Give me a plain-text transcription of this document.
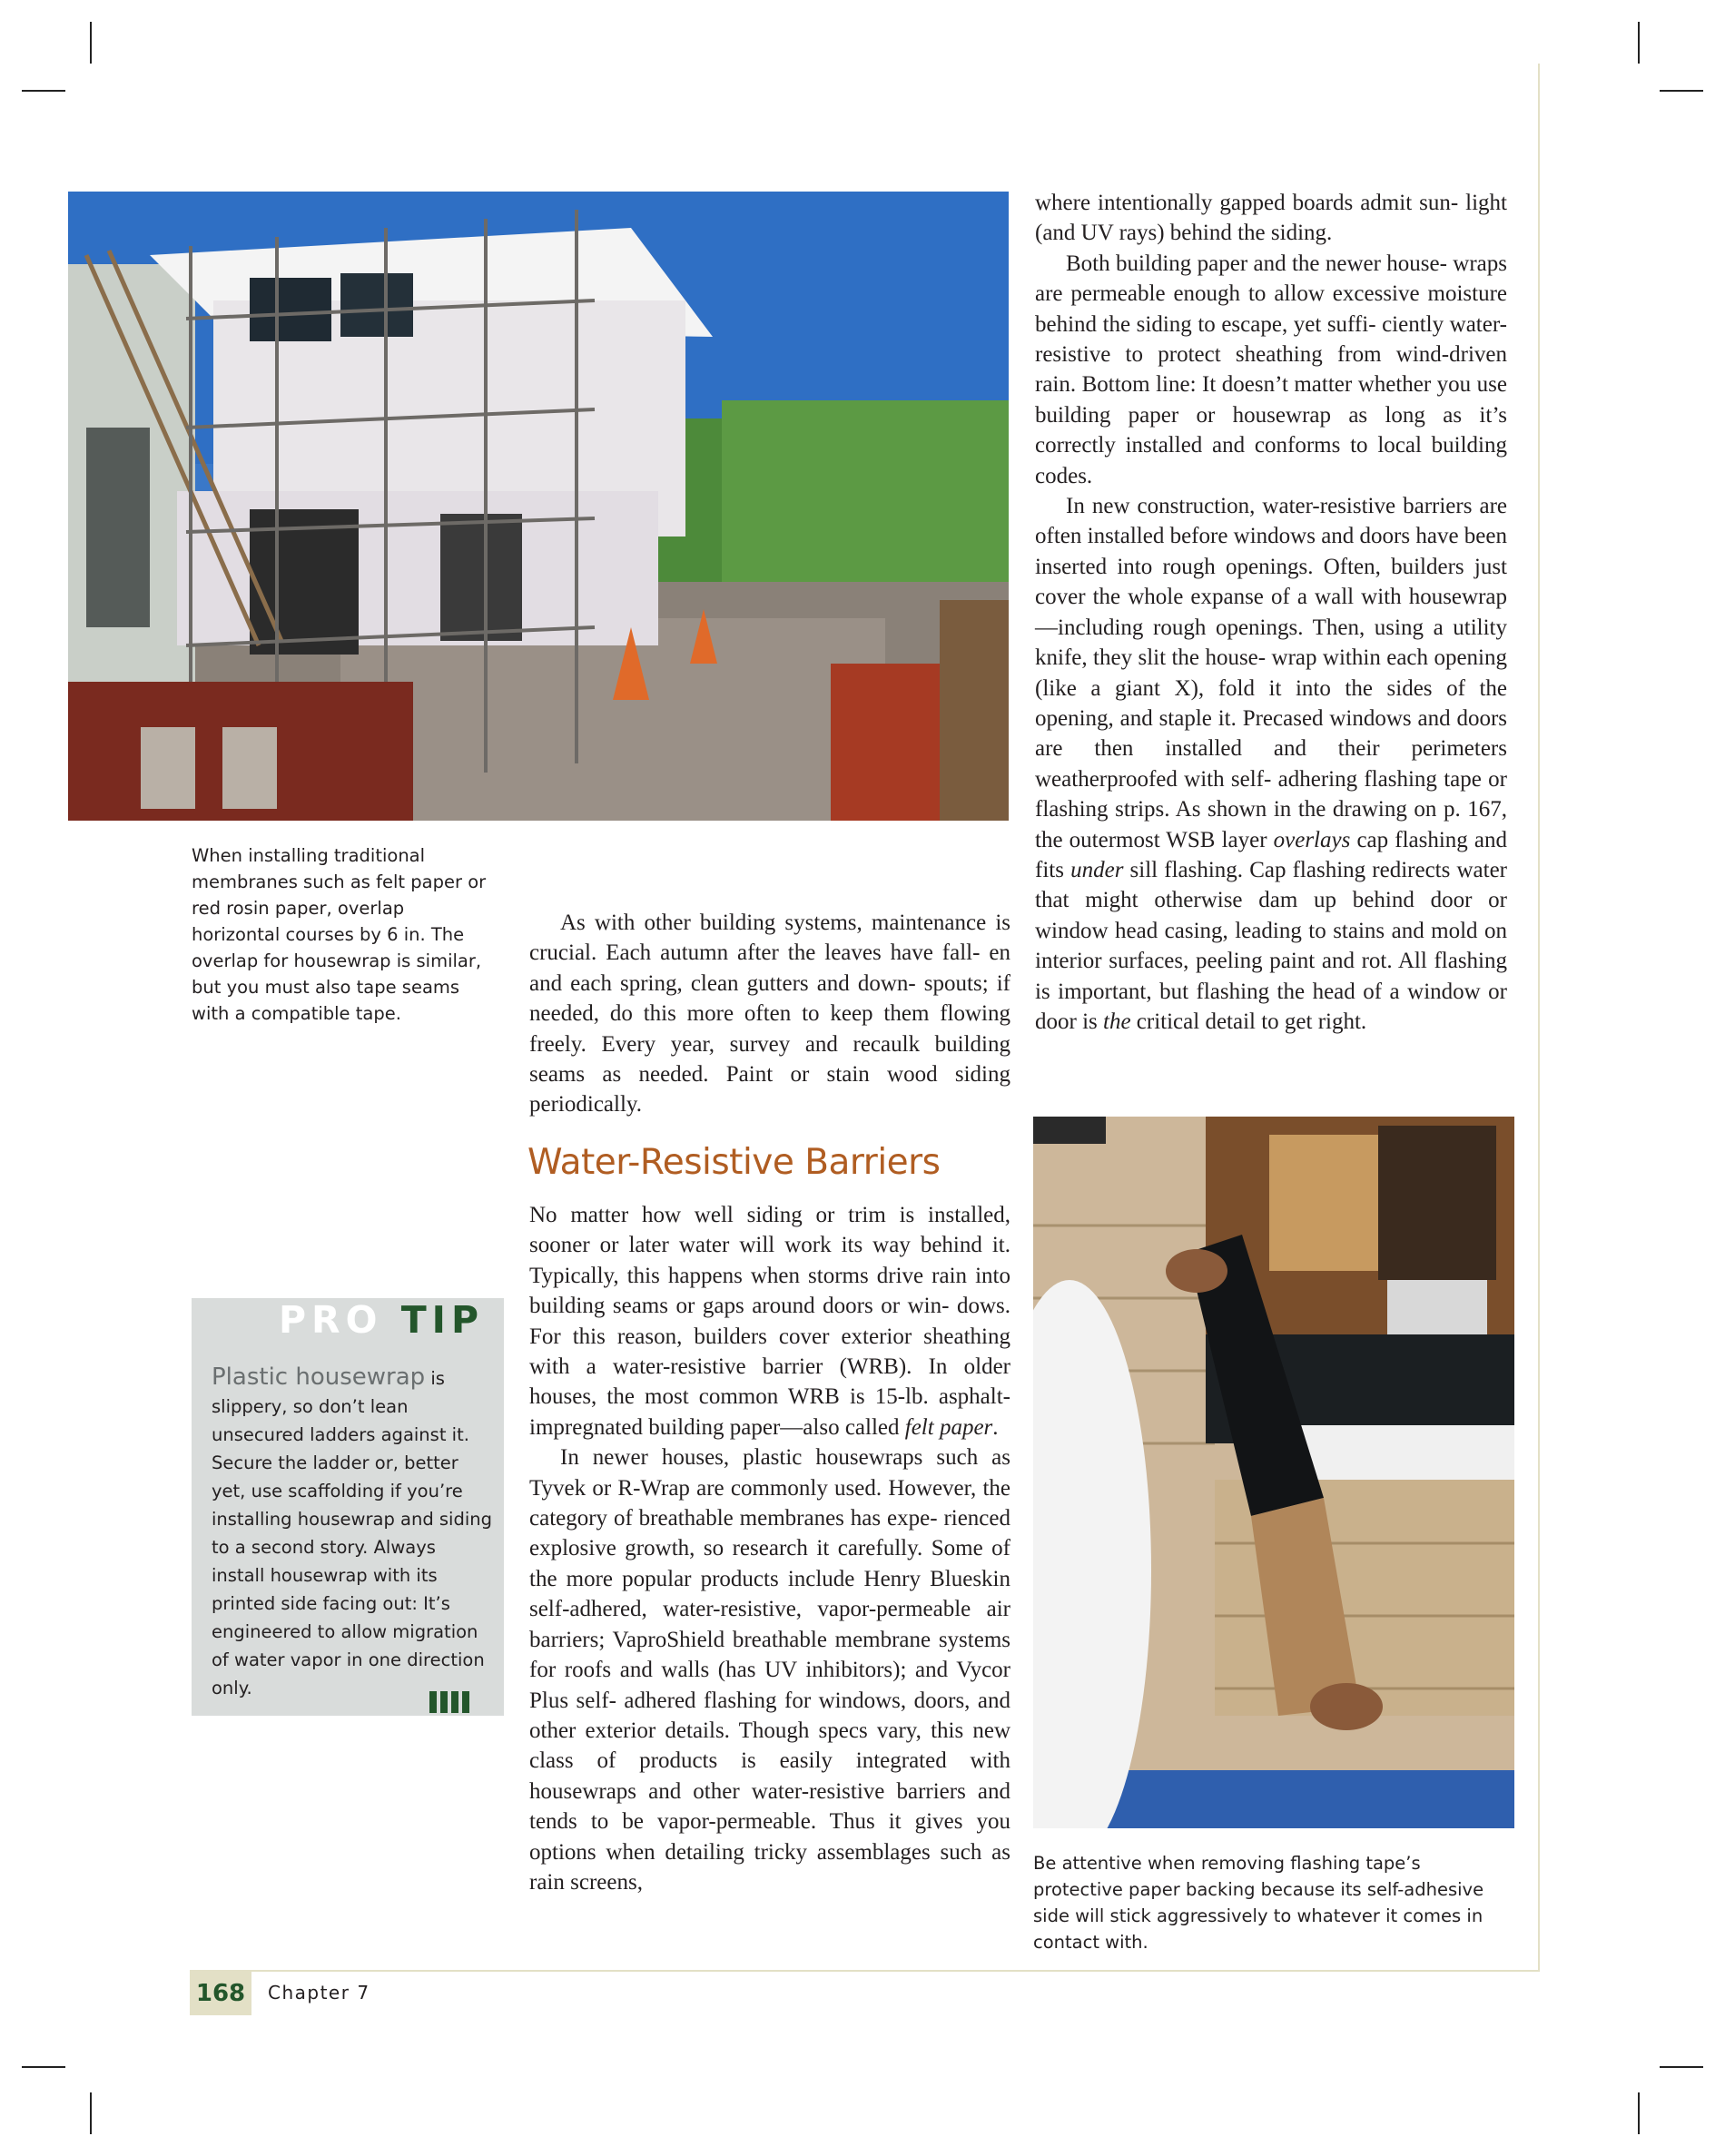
When installing traditional membranes such as felt paper or red rosin paper, overlap horizontal courses by 6 in. The overlap for housewrap is similar, but you must also tape seams with a compatible tape.

As with other building systems, maintenance is crucial. Each autumn after the leaves have fall- en and each spring, clean gutters and down- spouts; if needed, do this more often to keep them flowing freely. Every year, survey and recaulk building seams as needed. Paint or stain wood siding periodically.

Water-Resistive Barriers

No matter how well siding or trim is installed, sooner or later water will work its way behind it. Typically, this happens when storms drive rain into building seams or gaps around doors or win- dows. For this reason, builders cover exterior sheathing with a water-resistive barrier (WRB). In older houses, the most common WRB is 15-lb. asphalt-impregnated building paper—also called felt paper.

In newer houses, plastic housewraps such as Tyvek or R-Wrap are commonly used. However, the category of breathable membranes has expe- rienced explosive growth, so research it carefully. Some of the more popular products include Henry Blueskin self-adhered, water-resistive, vapor-permeable air barriers; VaproShield breathable membrane systems for roofs and walls (has UV inhibitors); and Vycor Plus self- adhered flashing for windows, doors, and other exterior details. Though specs vary, this new class of products is easily integrated with housewraps and other water-resistive barriers and tends to be vapor-permeable. Thus it gives you options when detailing tricky assemblages such as rain screens,

where intentionally gapped boards admit sun- light (and UV rays) behind the siding.

Both building paper and the newer house- wraps are permeable enough to allow excessive moisture behind the siding to escape, yet suffi- ciently water-resistive to protect sheathing from wind-driven rain. Bottom line: It doesn’t matter whether you use building paper or housewrap as long as it’s correctly installed and conforms to local building codes.

In new construction, water-resistive barriers are often installed before windows and doors have been inserted into rough openings. Often, builders just cover the whole expanse of a wall with housewrap—including rough openings. Then, using a utility knife, they slit the house- wrap within each opening (like a giant X), fold it into the sides of the opening, and staple it. Precased windows and doors are then installed and their perimeters weatherproofed with self- adhering flashing tape or flashing strips. As shown in the drawing on p. 167, the outermost WSB layer overlays cap flashing and fits under sill flashing. Cap flashing redirects water that might otherwise dam up behind door or window head casing, leading to stains and mold on interior surfaces, peeling paint and rot. All flashing is important, but flashing the head of a window or door is the critical detail to get right.

Be attentive when removing flashing tape’s protective paper backing because its self-adhesive side will stick aggressively to whatever it comes in contact with.
PRO TIP
Plastic housewrap is slippery, so don’t lean unsecured ladders against it. Secure the ladder or, better yet, use scaffolding if you’re installing housewrap and siding to a second story. Always install housewrap with its printed side facing out: It’s engineered to allow migration of water vapor in one direction only.
168	Chapter 7
